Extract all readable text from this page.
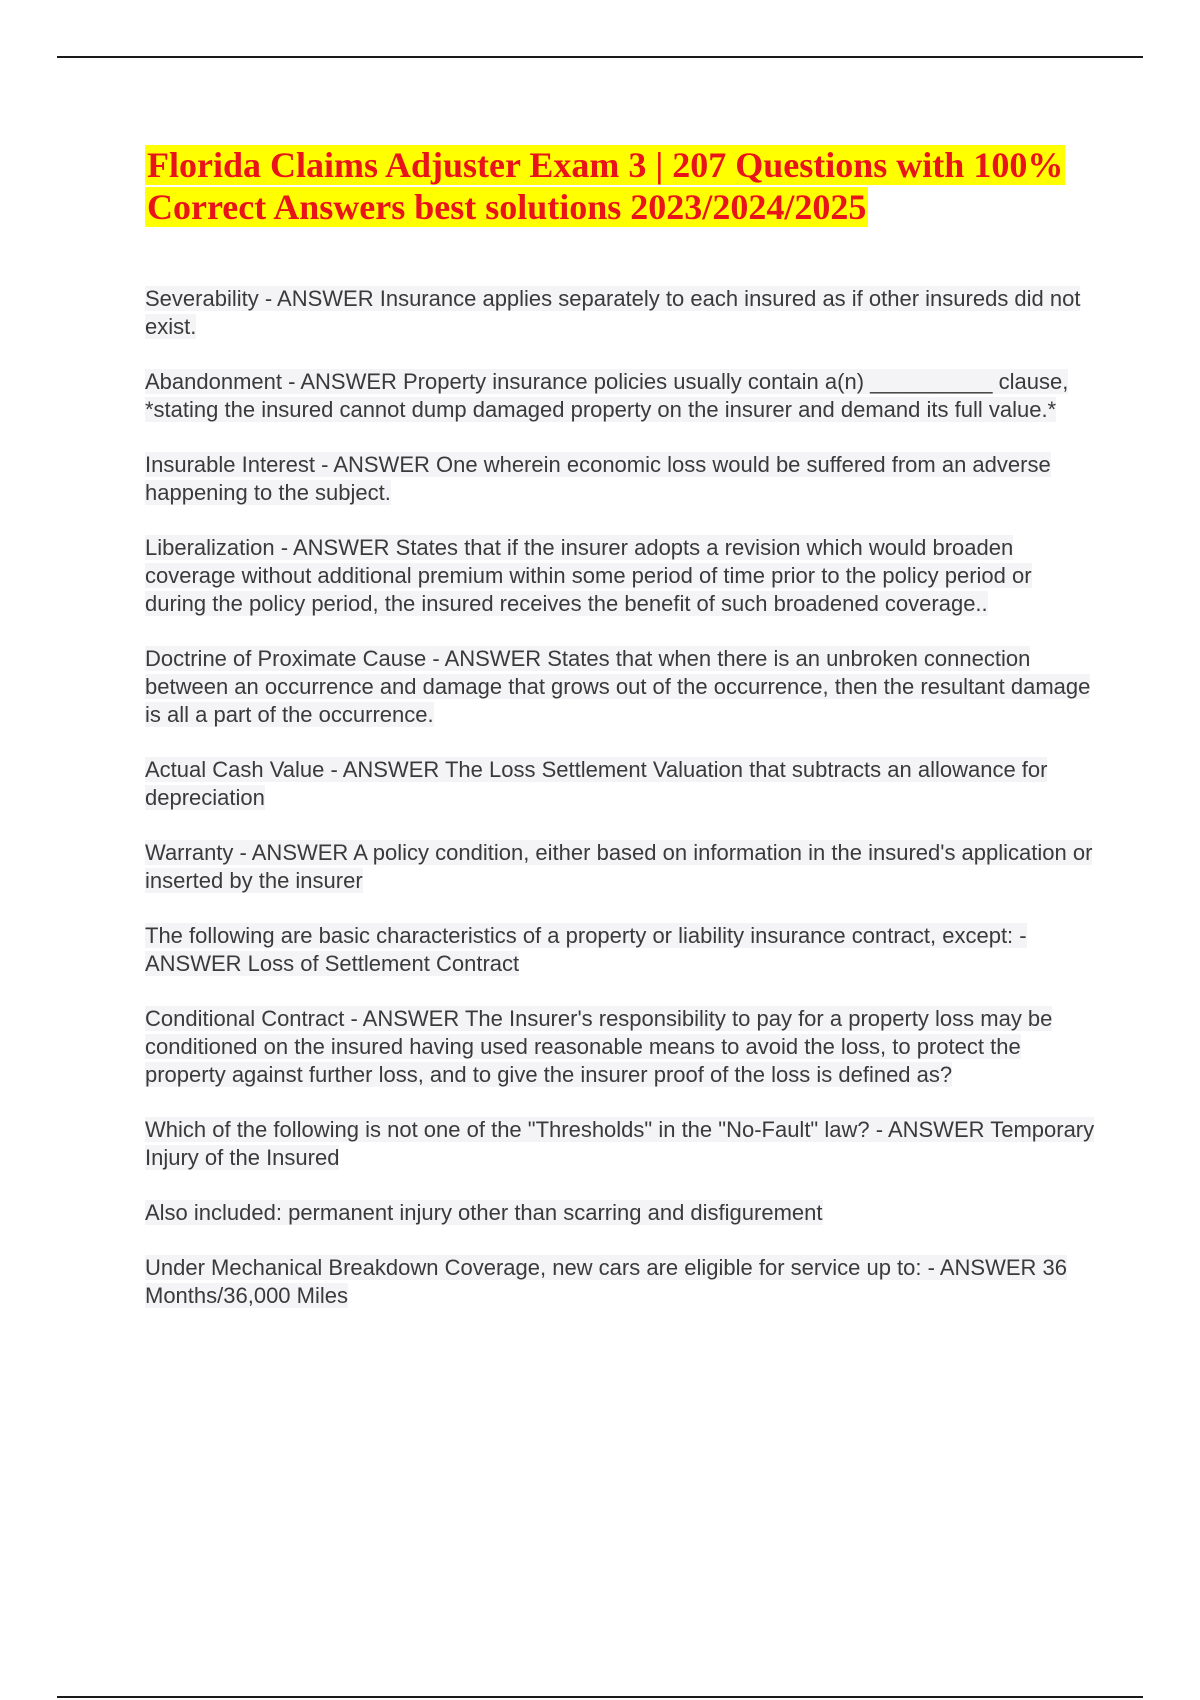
Florida Claims Adjuster Exam 3 | 207 Questions with 100% Correct Answers best solutions 2023/2024/2025

Severability - ANSWER Insurance applies separately to each insured as if other insureds did not exist.

Abandonment - ANSWER Property insurance policies usually contain a(n) __________ clause, *stating the insured cannot dump damaged property on the insurer and demand its full value.*

Insurable Interest - ANSWER One wherein economic loss would be suffered from an adverse happening to the subject.

Liberalization - ANSWER States that if the insurer adopts a revision which would broaden coverage without additional premium within some period of time prior to the policy period or during the policy period, the insured receives the benefit of such broadened coverage..

Doctrine of Proximate Cause - ANSWER States that when there is an unbroken connection between an occurrence and damage that grows out of the occurrence, then the resultant damage is all a part of the occurrence.

Actual Cash Value - ANSWER The Loss Settlement Valuation that subtracts an allowance for depreciation

Warranty - ANSWER A policy condition, either based on information in the insured's application or inserted by the insurer

The following are basic characteristics of a property or liability insurance contract, except: - ANSWER Loss of Settlement Contract

Conditional Contract - ANSWER The Insurer's responsibility to pay for a property loss may be conditioned on the insured having used reasonable means to avoid the loss, to protect the property against further loss, and to give the insurer proof of the loss is defined as?

Which of the following is not one of the "Thresholds" in the "No-Fault" law? - ANSWER Temporary Injury of the Insured

Also included: permanent injury other than scarring and disfigurement

Under Mechanical Breakdown Coverage, new cars are eligible for service up to: - ANSWER 36 Months/36,000 Miles
